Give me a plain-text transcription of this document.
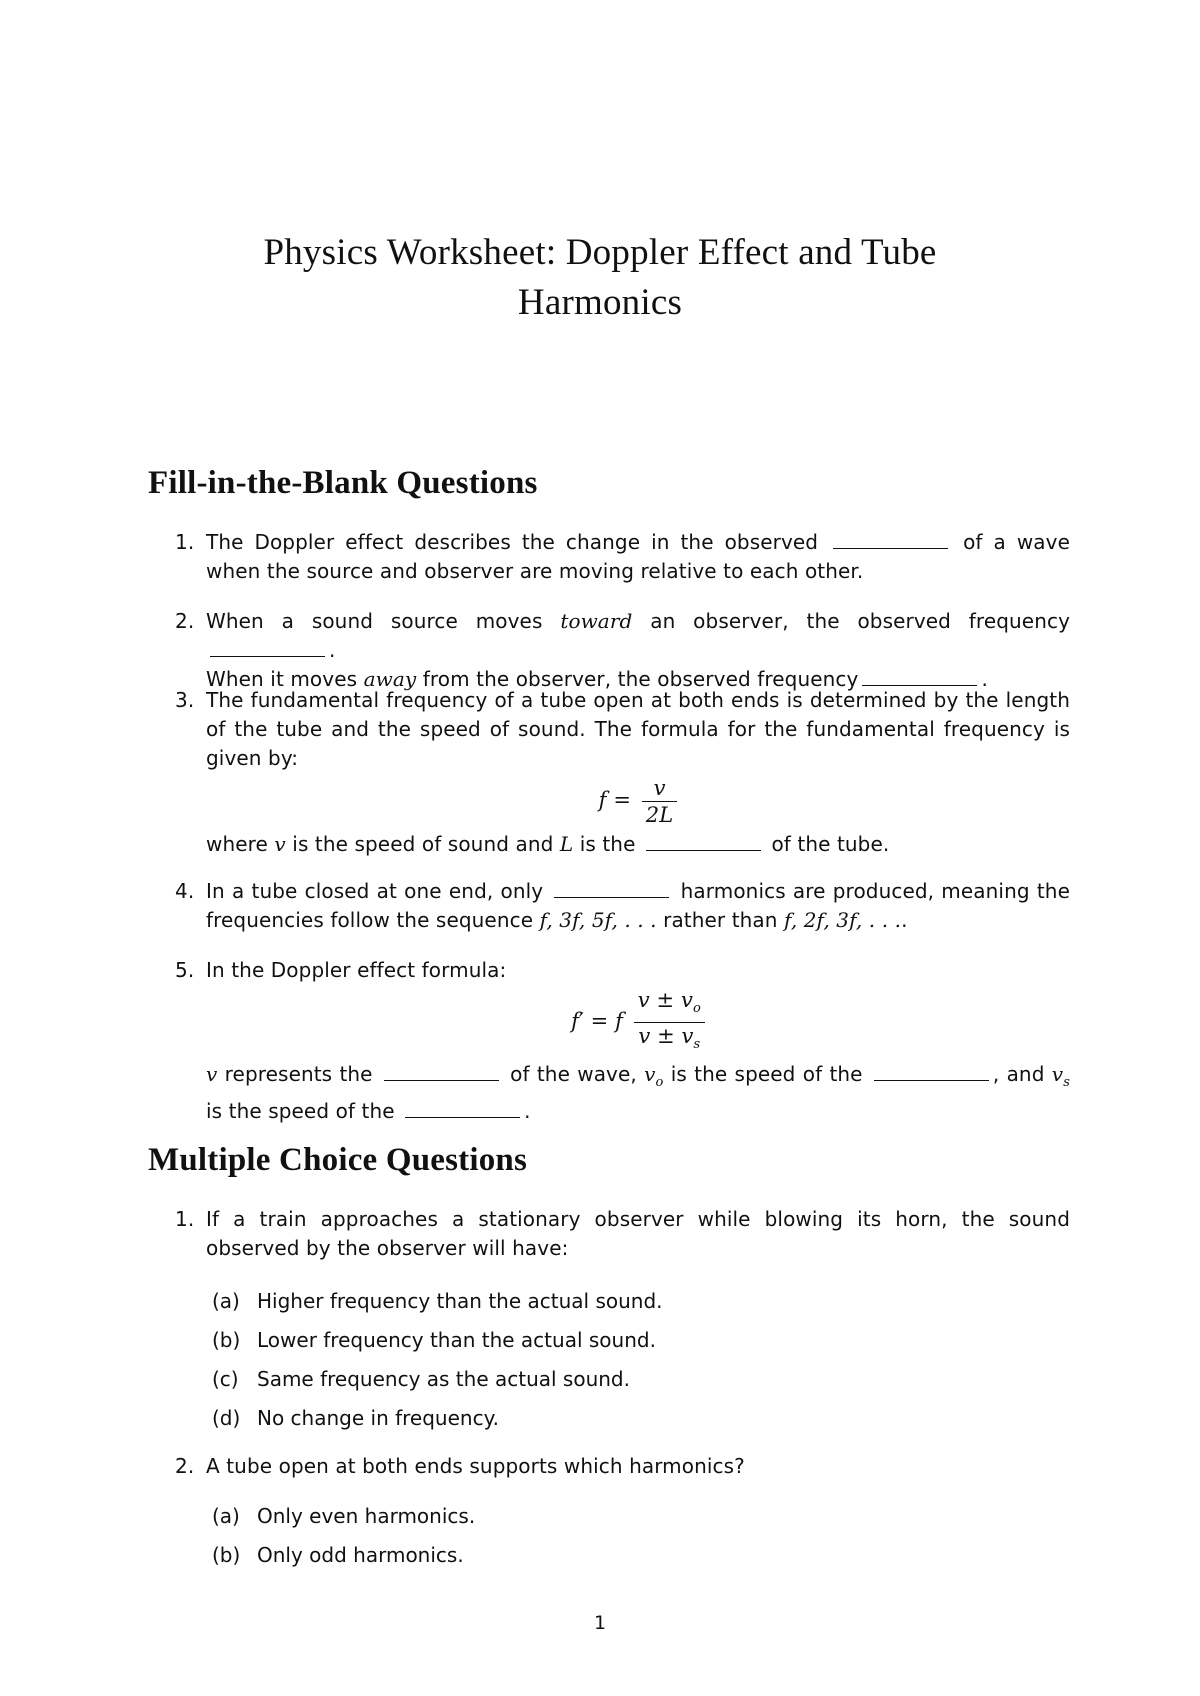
Physics Worksheet: Doppler Effect and Tube
Harmonics
Fill-in-the-Blank Questions
1. The Doppler effect describes the change in the observed	of a wave when the source and observer are moving relative to each other.
2. When a sound source moves toward an observer, the observed frequency.
When it moves away from the observer, the observed frequency	.
3. The fundamental frequency of a tube open at both ends is determined by the length of the tube and the speed of sound. The formula for the fundamental frequency is given by:
$f = \frac{v}{2L}$
where v is the speed of sound and L is the	of the tube.
4. In a tube closed at one end, only	harmonics are produced, meaning the frequencies follow the sequence f, 3f, 5f, . . . rather than f, 2f, 3f, . . ..
5. In the Doppler effect formula:
f′ = f $\frac{v \pm v_o}{v \pm v_s}$
v represents the	of the wave, $v_o$ is the speed of the	, and $v_s$ is the speed of the	.
Multiple Choice Questions
1. If a train approaches a stationary observer while blowing its horn, the sound observed by the observer will have:
(a) Higher frequency than the actual sound.
(b) Lower frequency than the actual sound.
(c) Same frequency as the actual sound.
(d) No change in frequency.
2. A tube open at both ends supports which harmonics?
(a) Only even harmonics.
(b) Only odd harmonics.
1
